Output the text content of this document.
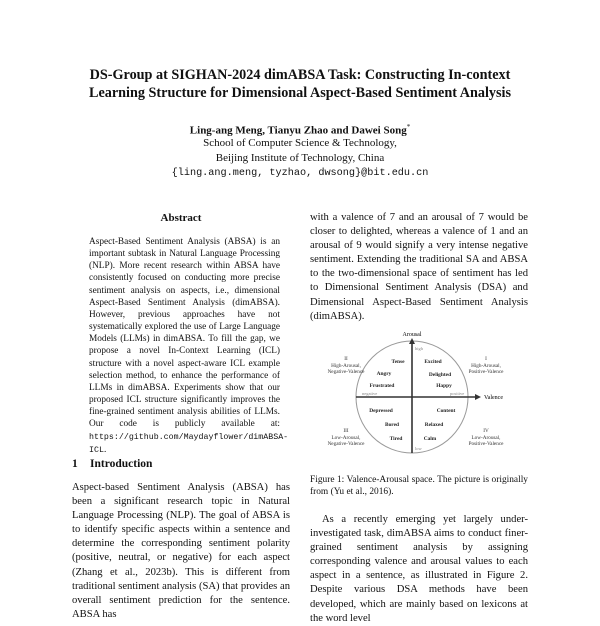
DS-Group at SIGHAN-2024 dimABSA Task: Constructing In-context
Learning Structure for Dimensional Aspect-Based Sentiment Analysis
Ling-ang Meng, Tianyu Zhao and Dawei Song*
School of Computer Science & Technology,
Beijing Institute of Technology, China
{ling.ang.meng, tyzhao, dwsong}@bit.edu.cn
Abstract
Aspect-Based Sentiment Analysis (ABSA) is an important subtask in Natural Language Processing (NLP). More recent research within ABSA have consistently focused on conducting more precise sentiment analysis on aspects, i.e., dimensional Aspect-Based Sentiment Analysis (dimABSA). However, previous approaches have not systematically explored the use of Large Language Models (LLMs) in dimABSA. To fill the gap, we propose a novel In-Context Learning (ICL) structure with a novel aspect-aware ICL example selection method, to enhance the performance of LLMs in dimABSA. Experiments show that our proposed ICL structure significantly improves the fine-grained sentiment analysis abilities of LLMs. Our code is publicly available at: https://github.com/Maydayflower/dimABSA-ICL.
1 Introduction
Aspect-based Sentiment Analysis (ABSA) has been a significant research topic in Natural Language Processing (NLP). The goal of ABSA is to identify specific aspects within a sentence and determine the corresponding sentiment polarity (positive, neutral, or negative) for each aspect (Zhang et al., 2023b). This is different from traditional sentiment analysis (SA) that provides an overall sentiment prediction for the sentence. ABSA has
with a valence of 7 and an arousal of 7 would be closer to delighted, whereas a valence of 1 and an arousal of 9 would signify a very intense negative sentiment. Extending the traditional SA and ABSA to the two-dimensional space of sentiment has led to Dimensional Sentiment Analysis (DSA) and Dimensional Aspect-Based Sentiment Analysis (dimABSA).
Arousal
high
Valence
positive
negative
low
II
High-Arousal,
Negative-Valence
I
High-Arousal,
Positive-Valence
III
Low-Arousal,
Negative-Valence
IV
Low-Arousal,
Positive-Valence
Tense	Excited
Angry	Delighted
Frustrated	Happy
Depressed	Content
Bored	Relaxed
Tired	Calm
Figure 1: Valence-Arousal space. The picture is originally from (Yu et al., 2016).
As a recently emerging yet largely under-investigated task, dimABSA aims to conduct finer-grained sentiment analysis by assigning corresponding valence and arousal values to each aspect in a sentence, as illustrated in Figure 2. Despite various DSA methods have been developed, which are mainly based on lexicons at the word level
